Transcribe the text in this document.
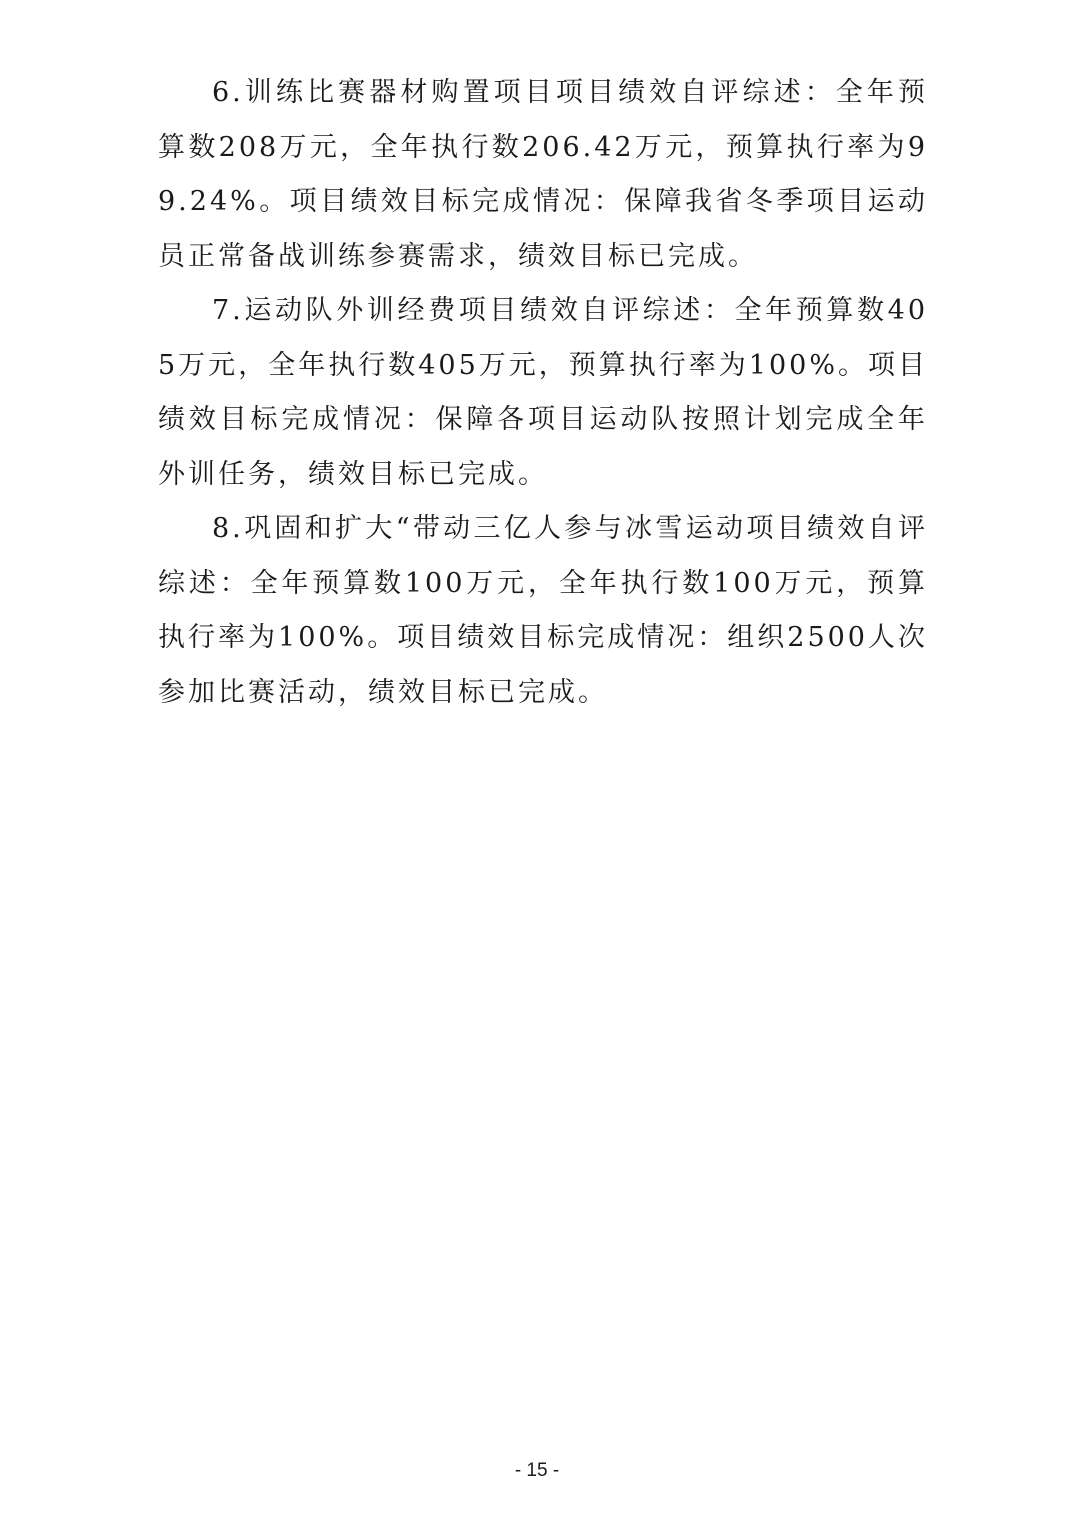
6.训练比赛器材购置项目项目绩效自评综述：全年预算数208万元，全年执行数206.42万元，预算执行率为99.24%。项目绩效目标完成情况：保障我省冬季项目运动员正常备战训练参赛需求，绩效目标已完成。

7.运动队外训经费项目绩效自评综述：全年预算数405万元，全年执行数405万元，预算执行率为100%。项目绩效目标完成情况：保障各项目运动队按照计划完成全年外训任务，绩效目标已完成。

8.巩固和扩大“带动三亿人参与冰雪运动项目绩效自评综述：全年预算数100万元，全年执行数100万元，预算执行率为100%。项目绩效目标完成情况：组织2500人次参加比赛活动，绩效目标已完成。

- 15 -
